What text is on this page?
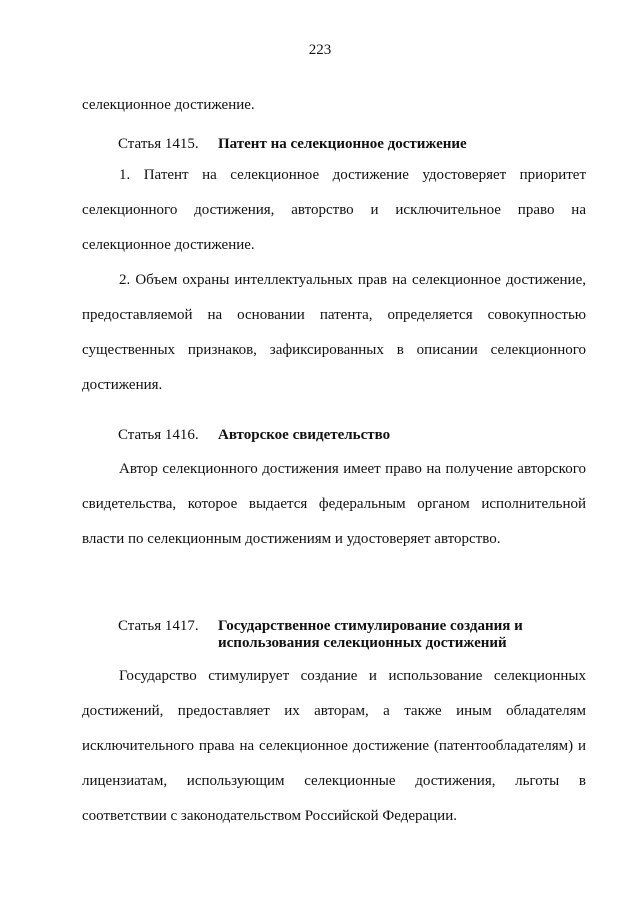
223

селекционное достижение.

Статья 1415.	Патент на селекционное достижение

1. Патент на селекционное достижение удостоверяет приоритет селекционного достижения, авторство и исключительное право на селекционное достижение.

2. Объем охраны интеллектуальных прав на селекционное достижение, предоставляемой на основании патента, определяется совокупностью существенных признаков, зафиксированных в описании селекционного достижения.

Статья 1416.	Авторское свидетельство

Автор селекционного достижения имеет право на получение авторского свидетельства, которое выдается федеральным органом исполнительной власти по селекционным достижениям и удостоверяет авторство.

Статья 1417.	Государственное стимулирование создания и использования селекционных достижений

Государство стимулирует создание и использование селекционных достижений, предоставляет их авторам, а также иным обладателям исключительного права на селекционное достижение (патентообладателям) и лицензиатам, использующим селекционные достижения, льготы в соответствии с законодательством Российской Федерации.
